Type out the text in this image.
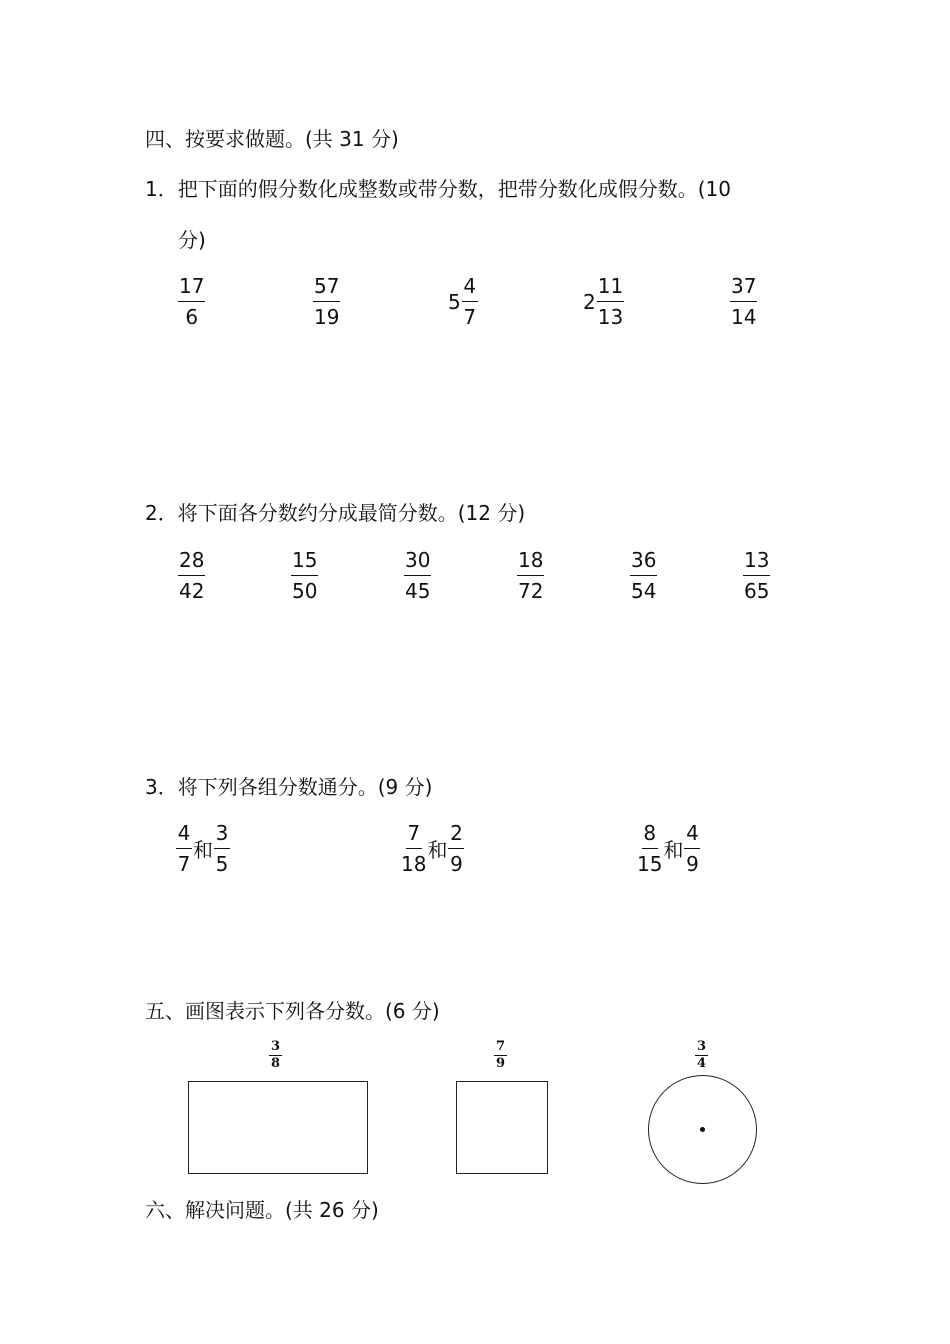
四、按要求做题。(共 31 分)
1．把下面的假分数化成整数或带分数，把带分数化成假分数。(10
分)
$\frac{17}{6}$	$\frac{57}{19}$	$5 \frac{4}{7}$	$2 \frac{11}{13}$	$\frac{37}{14}$
2．将下面各分数约分成最简分数。(12 分)
$\frac{28}{42}$	$\frac{15}{50}$	$\frac{30}{45}$	$\frac{18}{72}$	$\frac{36}{54}$	$\frac{13}{65}$
3．将下列各组分数通分。(9 分)
$\frac{4}{7}$ 和 $\frac{3}{5}$	$\frac{7}{18}$ 和 $\frac{2}{9}$	$\frac{8}{15}$ 和 $\frac{4}{9}$
五、画图表示下列各分数。(6 分)
$\frac{3}{8}$	$\frac{7}{9}$	$\frac{3}{4}$
六、解决问题。(共 26 分)
